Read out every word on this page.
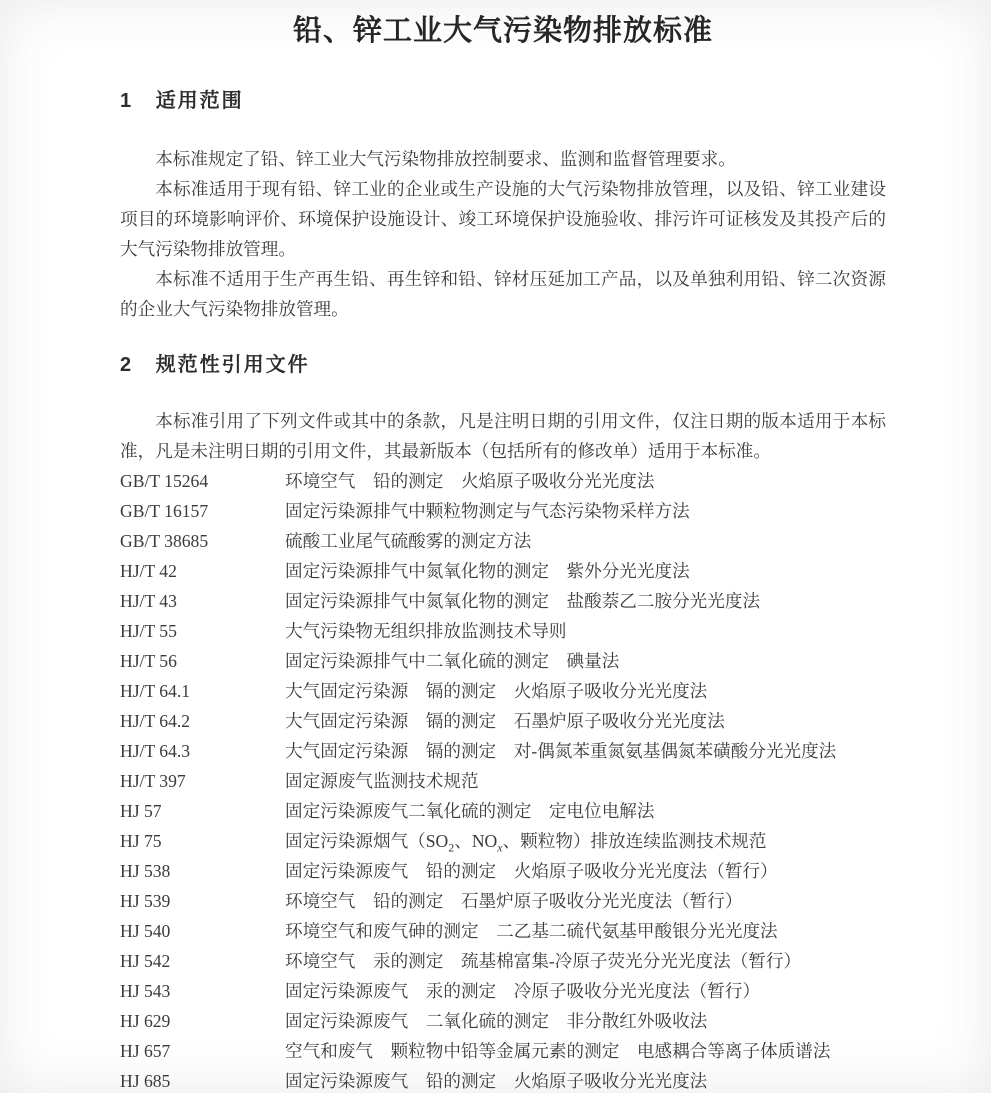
铅、锌工业大气污染物排放标准
1 适用范围

本标准规定了铅、锌工业大气污染物排放控制要求、监测和监督管理要求。

本标准适用于现有铅、锌工业的企业或生产设施的大气污染物排放管理，以及铅、锌工业建设项目的环境影响评价、环境保护设施设计、竣工环境保护设施验收、排污许可证核发及其投产后的大气污染物排放管理。

本标准不适用于生产再生铅、再生锌和铅、锌材压延加工产品，以及单独利用铅、锌二次资源的企业大气污染物排放管理。

2 规范性引用文件

本标准引用了下列文件或其中的条款，凡是注明日期的引用文件，仅注日期的版本适用于本标准，凡是未注明日期的引用文件，其最新版本（包括所有的修改单）适用于本标准。

GB/T 15264	环境空气　铅的测定　火焰原子吸收分光光度法
GB/T 16157	固定污染源排气中颗粒物测定与气态污染物采样方法
GB/T 38685	硫酸工业尾气硫酸雾的测定方法
HJ/T 42	固定污染源排气中氮氧化物的测定　紫外分光光度法
HJ/T 43	固定污染源排气中氮氧化物的测定　盐酸萘乙二胺分光光度法
HJ/T 55	大气污染物无组织排放监测技术导则
HJ/T 56	固定污染源排气中二氧化硫的测定　碘量法
HJ/T 64.1	大气固定污染源　镉的测定　火焰原子吸收分光光度法
HJ/T 64.2	大气固定污染源　镉的测定　石墨炉原子吸收分光光度法
HJ/T 64.3	大气固定污染源　镉的测定　对-偶氮苯重氮氨基偶氮苯磺酸分光光度法
HJ/T 397	固定源废气监测技术规范
HJ 57	固定污染源废气二氧化硫的测定　定电位电解法
HJ 75	固定污染源烟气（$SO_2$、$NO_x$、颗粒物）排放连续监测技术规范
HJ 538	固定污染源废气　铅的测定　火焰原子吸收分光光度法（暂行）
HJ 539	环境空气　铅的测定　石墨炉原子吸收分光光度法（暂行）
HJ 540	环境空气和废气砷的测定　二乙基二硫代氨基甲酸银分光光度法
HJ 542	环境空气　汞的测定　巯基棉富集-冷原子荧光分光光度法（暂行）
HJ 543	固定污染源废气　汞的测定　冷原子吸收分光光度法（暂行）
HJ 629	固定污染源废气　二氧化硫的测定　非分散红外吸收法
HJ 657	空气和废气　颗粒物中铅等金属元素的测定　电感耦合等离子体质谱法
HJ 685	固定污染源废气　铅的测定　火焰原子吸收分光光度法
